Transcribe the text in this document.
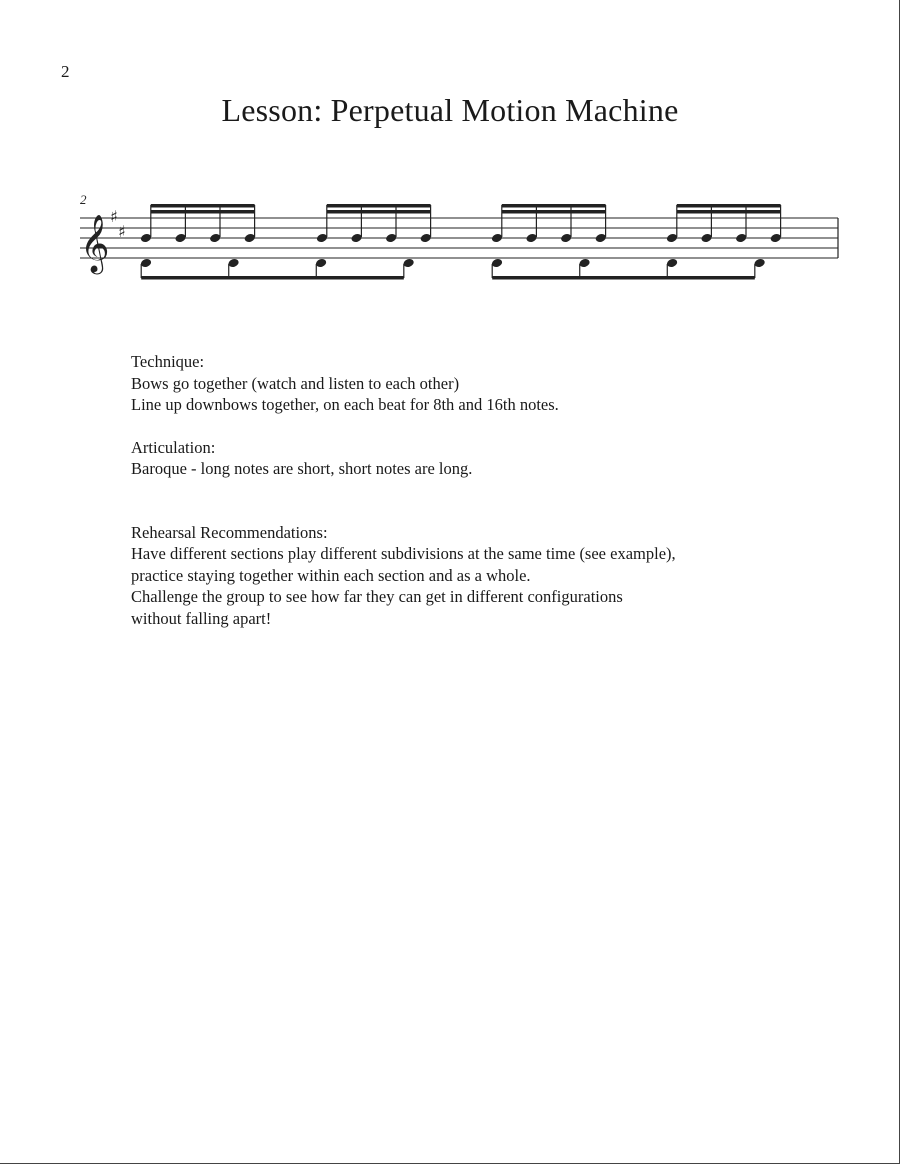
2
Lesson: Perpetual Motion Machine
2
𝄞 ♯
♯
Technique:
Bows go together (watch and listen to each other)
Line up downbows together, on each beat for 8th and 16th notes.
Articulation:
Baroque - long notes are short, short notes are long.
Rehearsal Recommendations:
Have different sections play different subdivisions at the same time (see example),
practice staying together within each section and as a whole.
Challenge the group to see how far they can get in different configurations
without falling apart!
